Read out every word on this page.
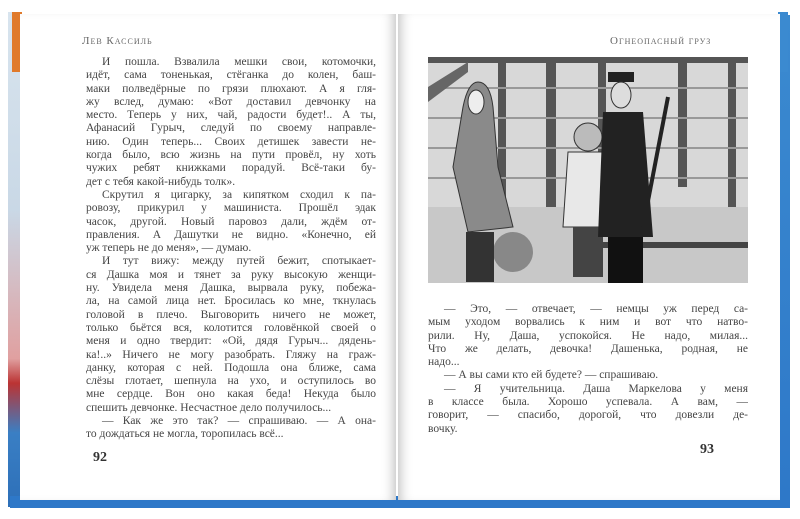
Лев Кассиль	Огнеопасный груз
И пошла. Взвалила мешки свои, котомочки,
идёт, сама тоненькая, стёганка до колен, баш-
маки полведёрные по грязи плюхают. А я гля-
жу вслед, думаю: «Вот доставил девчонку на
место. Теперь у них, чай, радости будет!.. А ты,
Афанасий Гурыч, следуй по своему направле-
нию. Один теперь... Своих детишек завести не-
когда было, всю жизнь на пути провёл, ну хоть
чужих ребят книжками порадуй. Всё-таки бу-
дет с тебя какой-нибудь толк».
Скрутил я цигарку, за кипятком сходил к па-
ровозу, прикурил у машиниста. Прошёл эдак
часок, другой. Новый паровоз дали, ждём от-
правления. А Дашутки не видно. «Конечно, ей
уж теперь не до меня», — думаю.
И тут вижу: между путей бежит, спотыкает-
ся Дашка моя и тянет за руку высокую женщи-
ну. Увидела меня Дашка, вырвала руку, побежа-
ла, на самой лица нет. Бросилась ко мне, ткнулась
головой в плечо. Выговорить ничего не может,
только бьётся вся, колотится головёнкой своей о
меня и одно твердит: «Ой, дядя Гурыч... дядень-
ка!..» Ничего не могу разобрать. Гляжу на граж-
данку, которая с ней. Подошла она ближе, сама
слёзы глотает, шепнула на ухо, и оступилось во
мне сердце. Вон оно какая беда! Некуда было
спешить девчонке. Несчастное дело получилось...
— Как же это так? — спрашиваю. — А она-
то дождаться не могла, торопилась всё...
— Это, — отвечает, — немцы уж перед са-
мым уходом ворвались к ним и вот что натво-
рили. Ну, Даша, успокойся. Не надо, милая...
Что же делать, девочка! Дашенька, родная, не
надо...
— А вы сами кто ей будете? — спрашиваю.
— Я учительница. Даша Маркелова у меня
в классе была. Хорошо успевала. А вам, —
говорит, — спасибо, дорогой, что довезли де-
вочку.
92
93
